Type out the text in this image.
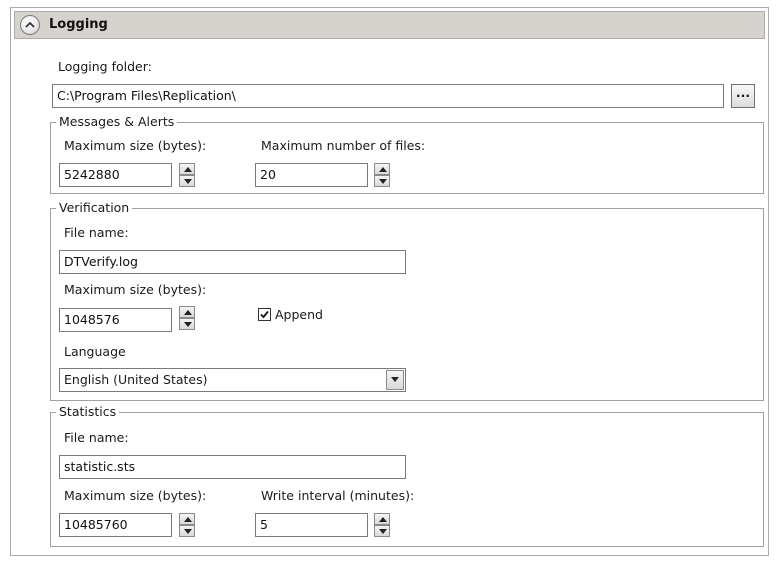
Logging
Logging folder:
C:\Program Files\Replication\	...
Messages & Alerts
Maximum size (bytes):
5242880
Maximum number of files:
20
Verification
File name:
DTVerify.log
Maximum size (bytes):
1048576	Append
Language
English (United States)
Statistics
File name:
statistic.sts
Maximum size (bytes):
10485760
Write interval (minutes):
5
